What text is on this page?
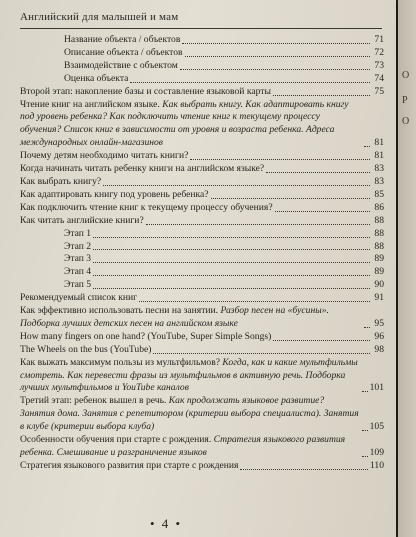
Английский для малышей и мам
Название объекта / объектов	71
Описание объекта / объектов	72
Взаимодействие с объектом	73
Оценка объекта	74
Второй этап: накопление базы и составление языковой карты	75
Чтение книг на английском языке. Как выбрать книгу. Как адаптировать книгу под уровень ребенка? Как подключить чтение книг к текущему процессу обучения? Список книг в зависимости от уровня и возраста ребенка. Адреса международных онлайн-магазинов	81
Почему детям необходимо читать книги?	81
Когда начинать читать ребенку книги на английском языке?	83
Как выбрать книгу?	83
Как адаптировать книгу под уровень ребенка?	85
Как подключить чтение книг к текущему процессу обучения?	86
Как читать английские книги?	88
Этап 1	88
Этап 2	88
Этап 3	89
Этап 4	89
Этап 5	90
Рекомендуемый список книг	91
Как эффективно использовать песни на занятии. Разбор песен на «бусины». Подборка лучших детских песен на английском языке	95
How many fingers on one hand? (YouTube, Super Simple Songs)	96
The Wheels on the bus (YouTube)	98
Как выжать максимум пользы из мультфильмов? Когда, как и какие мультфильмы смотреть. Как перевести фразы из мультфильмов в активную речь. Подборка лучших мультфильмов и YouTube каналов	101
Третий этап: ребенок вышел в речь. Как продолжать языковое развитие? Занятия дома. Занятия с репетитором (критерии выбора специалиста). Занятия в клубе (критерии выбора клуба)	105
Особенности обучения при старте с рождения. Стратегия языкового развития ребенка. Смешивание и разграничение языков	109
Стратегия языкового развития при старте с рождения	110
• 4 •
О
Р
О
